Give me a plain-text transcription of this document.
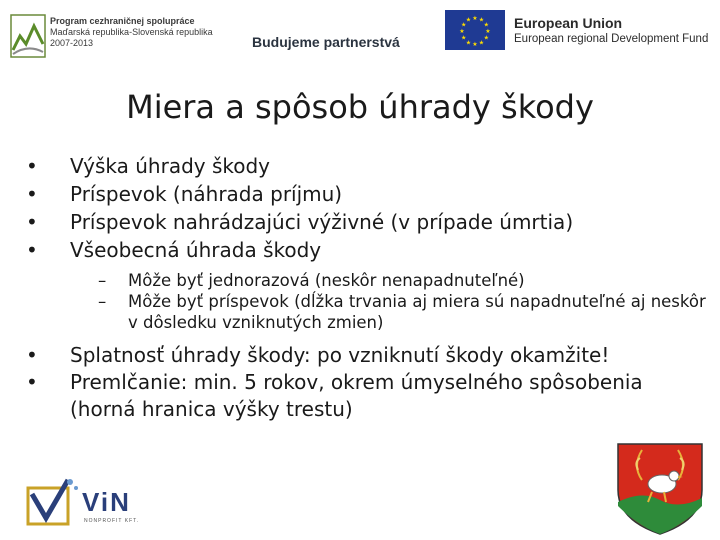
Program cezhraničnej spolupráce
Maďarská republika-Slovenská republika
2007-2013	Budujeme partnerstvá
★ ★
★
★
★
★
★
★
★
★
★
★	European Union
European regional Development Fund
Miera a spôsob úhrady škody
• Výška úhrady škody
• Príspevok (náhrada príjmu)
• Príspevok nahrádzajúci výživné (v prípade úmrtia)
• Všeobecná úhrada škody
– Môže byť jednorazová (neskôr nenapadnuteľné)
– Môže byť príspevok (dĺžka trvania aj miera sú napadnuteľné aj neskôr v dôsledku vzniknutých zmien)
• Splatnosť úhrady škody: po vzniknutí škody okamžite!
• Premlčanie: min. 5 rokov, okrem úmyselného spôsobenia (horná hranica výšky trestu)
ViN
NONPROFIT KFT.
